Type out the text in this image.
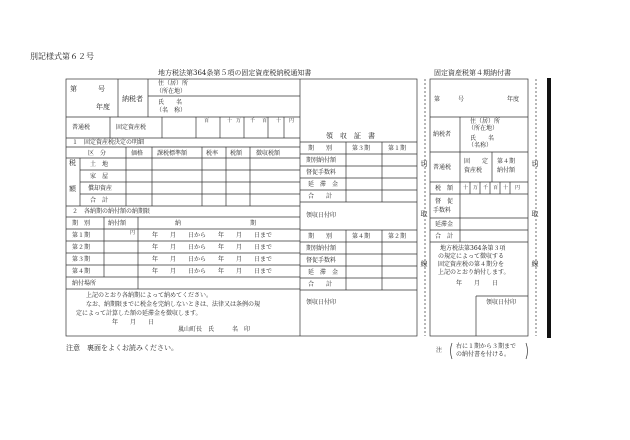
別記様式第６２号
地方税法第364条第５項の固定資産税納税通知書	固定資産税第４期納付書
第　　　号
年度
納税者
住（居）所
（所在地）
氏　　名
（名　称）
普通税	固定資産税
百	十 万 千 百 十 円
１　固定資産税決定の明細
税
額
区　分	価格 課税標準額	税率 税額 徴収税額
土　地
家　屋
償却資産
合　計
２　各納期の納付額の納期限
期　別	納付額	納	期
円
第１期	年　　月　　日から　　年　　月　　日まで
第２期	年　　月　　日から　　年　　月　　日まで
第３期	年　　月　　日から　　年　　月　　日まで
第４期	年　　月　　日から　　年　　月　　日まで
納付場所
上記のとおり各納期によって納めてください。
なお、納期限までに税金を完納しないときは、法律又は条例の規
定によって計算した額の延滞金を徴収します。
年　　月　　日
嵐山町長　氏　　　名　印
領　収　証　書
期　　別	第３期	第１期
期別納付額
督促手数料
延　滞　金
合　　計
領収日付印
期　　別	第４期	第２期
期別納付額
督促手数料
延　滞　金
合　　計
領収日付印
切　取　線	切　取　線
注意　裏面をよくお読みください。
第　　　号	年度
納税者
住（居）所
（所在地）
氏　　名
（名称）
普通税
固　　定
資産税
第４期
納付額
税　額 十 万 千 百 十 円
督　促
手数料
延滞金
合　計
地方税法第364条第３項
の規定によって徴収する
固定資産税の第４期分を
上記のとおり納付します。
年　　月　　日
領収日付印
注
右に１期から３期まで
の納付書を付ける。
